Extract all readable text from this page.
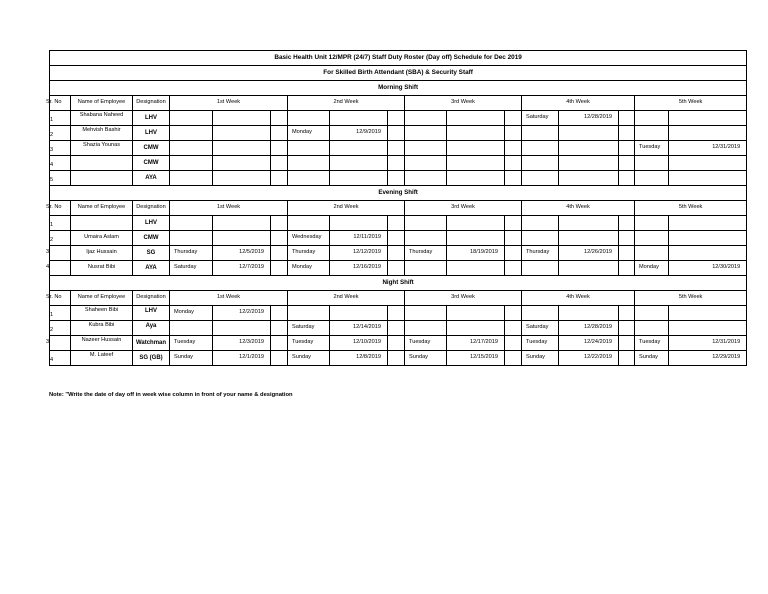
Basic Health Unit 12/MPR (24/7) Staff Duty Roster (Day off) Schedule for Dec 2019																
For Skilled Birth Attendant (SBA) & Security Staff																
Morning Shift																
Sr. No	Name of Employee	Designation	1st Week			2nd Week			3rd Week			4th Week			5th Week	
1	Shabana Naheed	LHV										Saturday	12/28/2019			
2	Mehvish Bashir	LHV				Monday	12/9/2019									
3	Shazia Younas	CMW													Tuesday	12/31/2019
4		CMW														
5		AYA														
Evening Shift																
Sr. No	Name of Employee	Designation	1st Week			2nd Week			3rd Week			4th Week			5th Week	
1		LHV														
2	Umaira Aslam	CMW				Wednesday	12/11/2019									
3	Ijaz Hussain	SG	Thursday	12/5/2019		Thursday	12/12/2019		Thursday	18/19/2019		Thursday	12/26/2019			
4	Nusrat Bibi	AYA	Saturday	12/7/2019		Monday	12/16/2019								Monday	12/30/2019
Night Shift																
Sr. No	Name of Employee	Designation	1st Week			2nd Week			3rd Week			4th Week			5th Week	
1	Shaheen Bibi	LHV	Monday	12/2/2019												
2	Kubra Bibi	Aya				Saturday	12/14/2019					Saturday	12/28/2019			
3	Nazeer Hussain	Watchman	Tuesday	12/3/2019		Tuesday	12/10/2019		Tuesday	12/17/2019		Tuesday	12/24/2019		Tuesday	12/31/2019
4	M. Lateef	SG (GB)	Sunday	12/1/2019		Sunday	12/8/2019		Sunday	12/15/2019		Sunday	12/22/2019		Sunday	12/29/2019
Note: "Write the date of day off in week wise column in front of your name & designation
